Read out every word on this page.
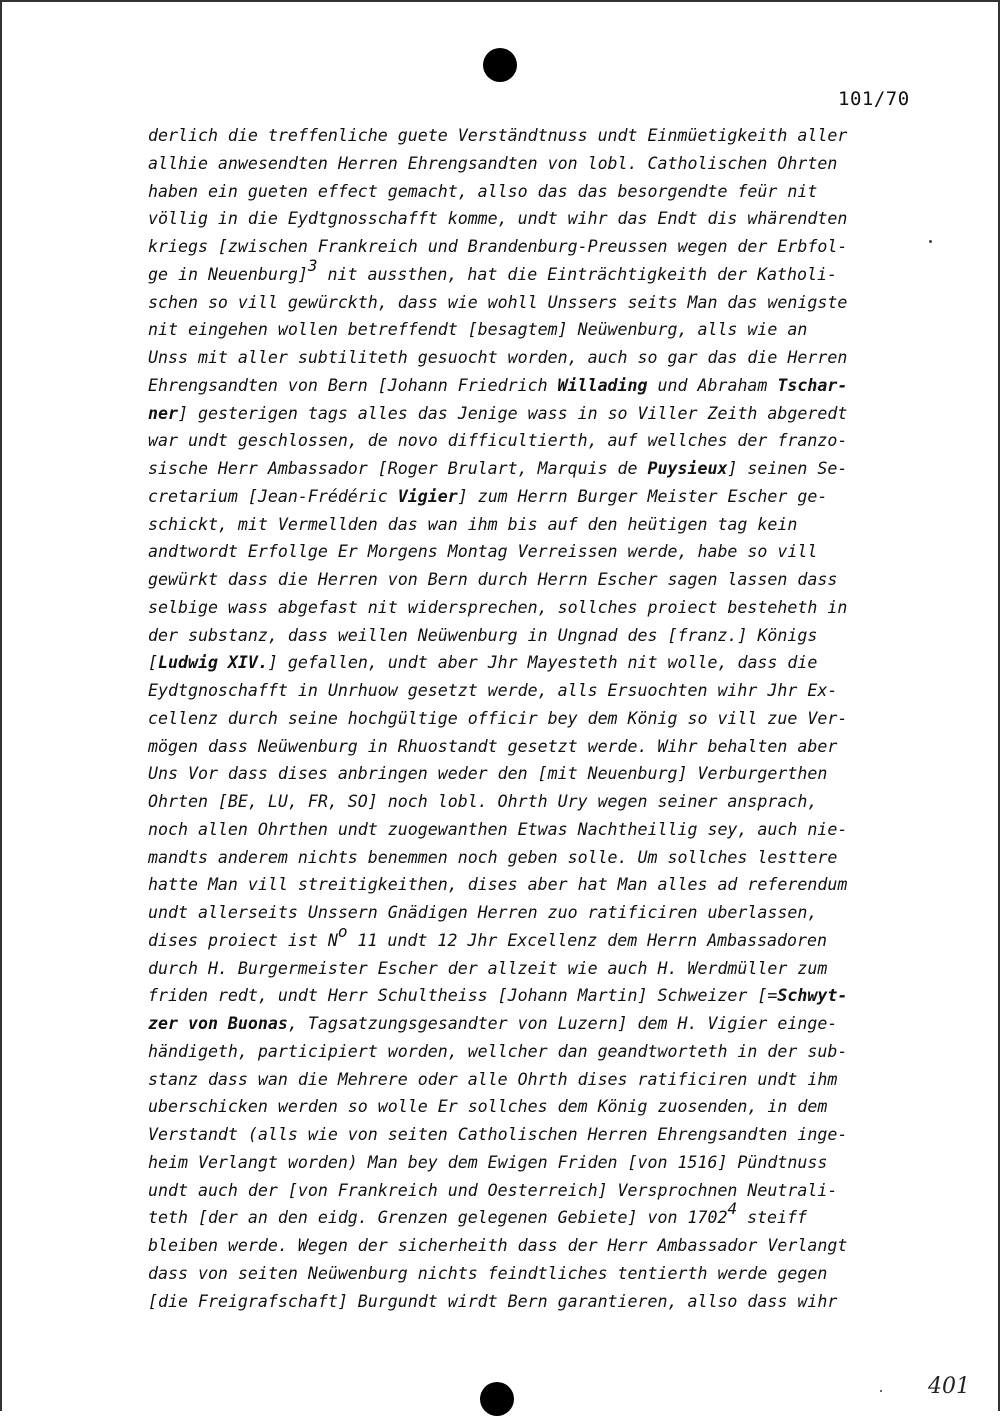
101/70
derlich die treffenliche guete Verständtnuss undt Einmüetigkeith aller
allhie anwesendten Herren Ehrengsandten von lobl. Catholischen Ohrten
haben ein gueten effect gemacht, allso das das besorgendte feür nit
völlig in die Eydtgnosschafft komme, undt wihr das Endt dis whärendten
kriegs [zwischen Frankreich und Brandenburg-Preussen wegen der Erbfol-
ge in Neuenburg]$^3$ nit aussthen, hat die Einträchtigkeith der Katholi-
schen so vill gewürckth, dass wie wohll Unssers seits Man das wenigste
nit eingehen wollen betreffendt [besagtem] Neüwenburg, alls wie an
Unss mit aller subtiliteth gesuocht worden, auch so gar das die Herren
Ehrengsandten von Bern [Johann Friedrich Willading und Abraham Tschar-
ner] gesterigen tags alles das Jenige wass in so Viller Zeith abgeredt
war undt geschlossen, de novo difficultierth, auf wellches der franzo-
sische Herr Ambassador [Roger Brulart, Marquis de Puysieux] seinen Se-
cretarium [Jean-Frédéric Vigier] zum Herrn Burger Meister Escher ge-
schickt, mit Vermellden das wan ihm bis auf den heütigen tag kein
andtwordt Erfollge Er Morgens Montag Verreissen werde, habe so vill
gewürkt dass die Herren von Bern durch Herrn Escher sagen lassen dass
selbige wass abgefast nit widersprechen, sollches proiect besteheth in
der substanz, dass weillen Neüwenburg in Ungnad des [franz.] Königs
[Ludwig XIV.] gefallen, undt aber Jhr Mayesteth nit wolle, dass die
Eydtgnoschafft in Unrhuow gesetzt werde, alls Ersuochten wihr Jhr Ex-
cellenz durch seine hochgültige officir bey dem König so vill zue Ver-
mögen dass Neüwenburg in Rhuostandt gesetzt werde. Wihr behalten aber
Uns Vor dass dises anbringen weder den [mit Neuenburg] Verburgerthen
Ohrten [BE, LU, FR, SO] noch lobl. Ohrth Ury wegen seiner ansprach,
noch allen Ohrthen undt zuogewanthen Etwas Nachtheillig sey, auch nie-
mandts anderem nichts benemmen noch geben solle. Um sollches lesttere
hatte Man vill streitigkeithen, dises aber hat Man alles ad referendum
undt allerseits Unssern Gnädigen Herren zuo ratificiren uberlassen,
dises proiect ist $N^o$ 11 undt 12 Jhr Excellenz dem Herrn Ambassadoren
durch H. Burgermeister Escher der allzeit wie auch H. Werdmüller zum
friden redt, undt Herr Schultheiss [Johann Martin] Schweizer [=Schwyt-
zer von Buonas, Tagsatzungsgesandter von Luzern] dem H. Vigier einge-
händigeth, participiert worden, wellcher dan geandtworteth in der sub-
stanz dass wan die Mehrere oder alle Ohrth dises ratificiren undt ihm
uberschicken werden so wolle Er sollches dem König zuosenden, in dem
Verstandt (alls wie von seiten Catholischen Herren Ehrengsandten inge-
heim Verlangt worden) Man bey dem Ewigen Friden [von 1516] Pündtnuss
undt auch der [von Frankreich und Oesterreich] Versprochnen Neutrali-
teth [der an den eidg. Grenzen gelegenen Gebiete] von 1702$^4$ steiff
bleiben werde. Wegen der sicherheith dass der Herr Ambassador Verlangt
dass von seiten Neüwenburg nichts feindtliches tentierth werde gegen
[die Freigrafschaft] Burgundt wirdt Bern garantieren, allso dass wihr
401
